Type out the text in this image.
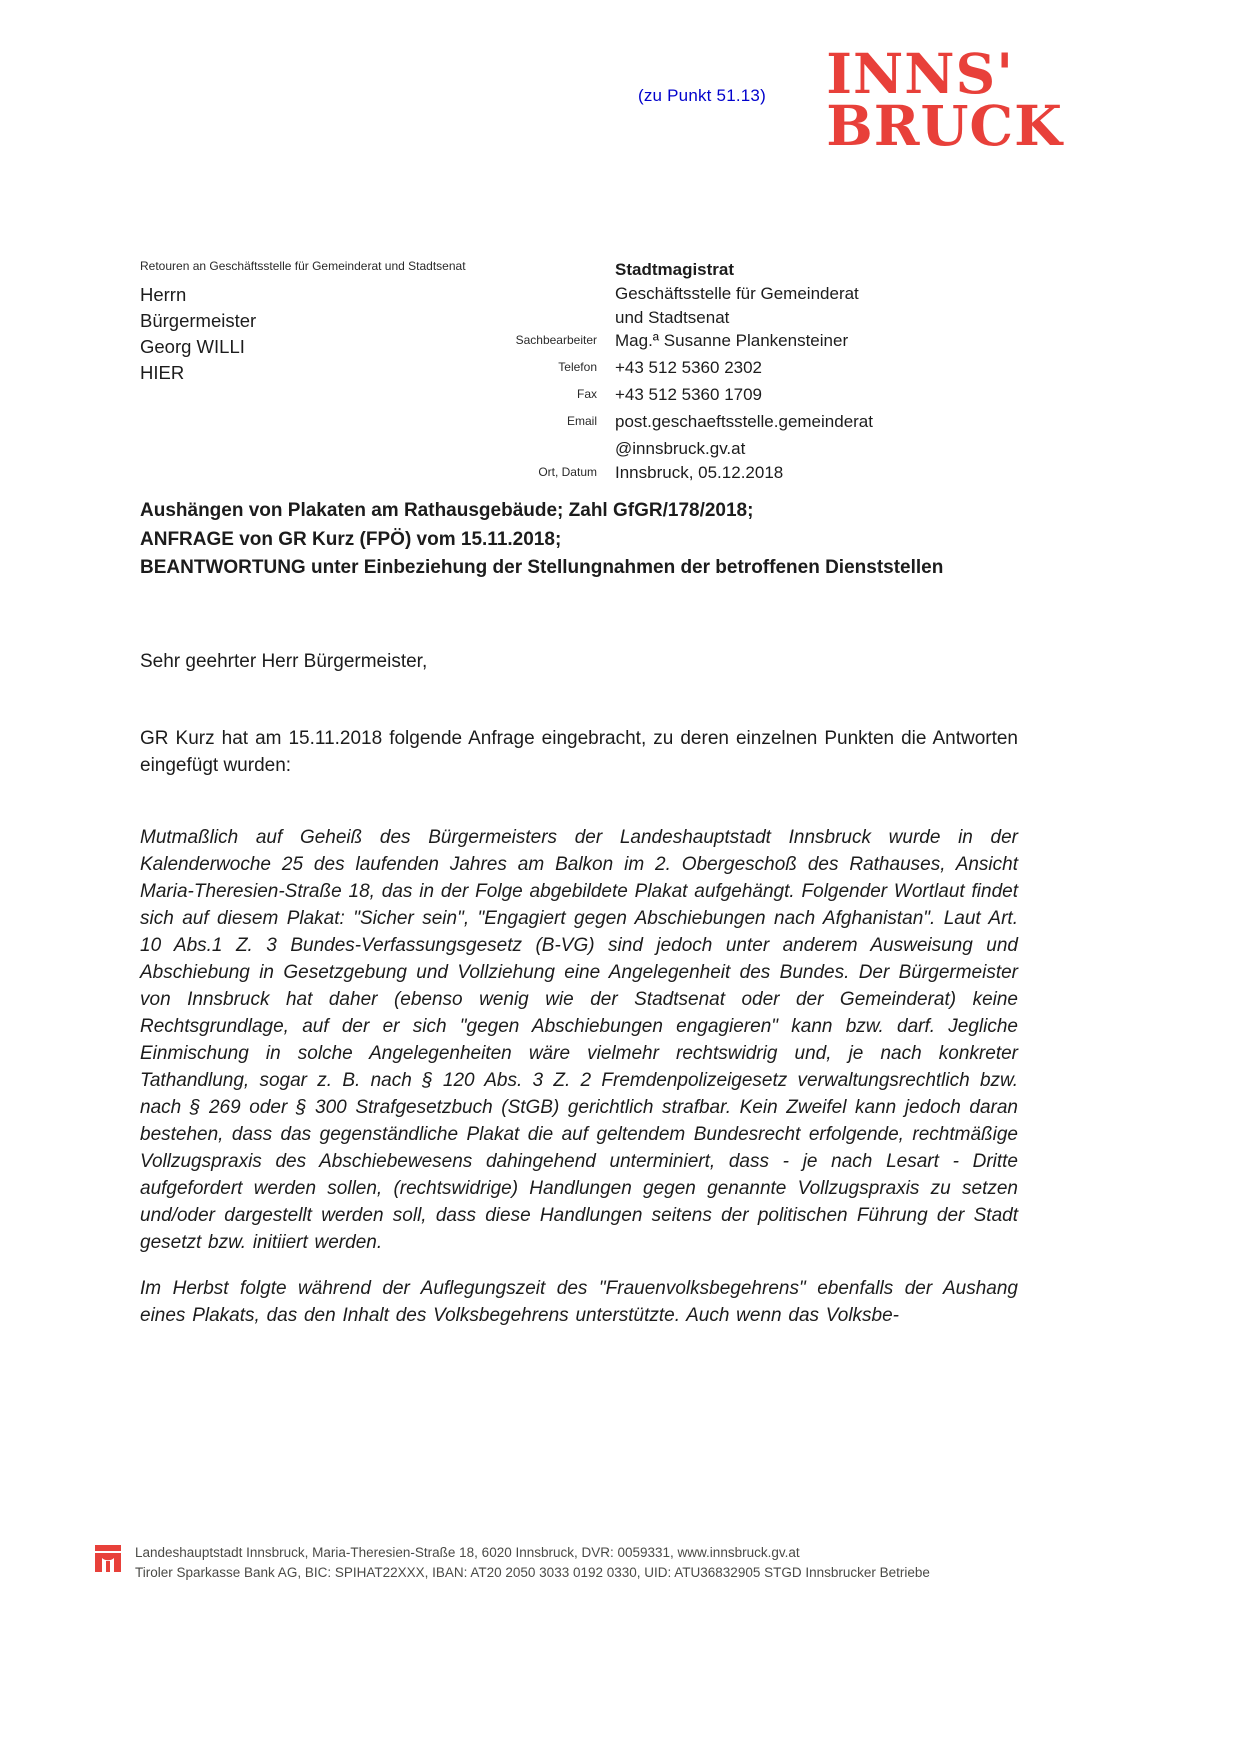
(zu Punkt 51.13) INNS'
BRUCK
Retouren an Geschäftsstelle für Gemeinderat und Stadtsenat
Herrn
Bürgermeister
Georg WILLI
HIER
Stadtmagistrat
Geschäftsstelle für Gemeinderat
und Stadtsenat
Sachbearbeiter Mag.ª Susanne Plankensteiner
Telefon +43 512 5360 2302
Fax +43 512 5360 1709
Email post.geschaeftsstelle.gemeinderat
@innsbruck.gv.at
Ort, Datum Innsbruck, 05.12.2018
Aushängen von Plakaten am Rathausgebäude; Zahl GfGR/178/2018;
ANFRAGE von GR Kurz (FPÖ) vom 15.11.2018;
BEANTWORTUNG unter Einbeziehung der Stellungnahmen der betroffenen Dienststellen

Sehr geehrter Herr Bürgermeister,

GR Kurz hat am 15.11.2018 folgende Anfrage eingebracht, zu deren einzelnen Punkten die Antworten eingefügt wurden:

Mutmaßlich auf Geheiß des Bürgermeisters der Landeshauptstadt Innsbruck wurde in der Kalenderwoche 25 des laufenden Jahres am Balkon im 2. Obergeschoß des Rathauses, Ansicht Maria-Theresien-Straße 18, das in der Folge abgebildete Plakat aufgehängt. Folgender Wortlaut findet sich auf diesem Plakat: "Sicher sein", "Engagiert gegen Abschiebungen nach Afghanistan". Laut Art. 10 Abs.1 Z. 3 Bundes-Verfassungsgesetz (B-VG) sind jedoch unter anderem Ausweisung und Abschiebung in Gesetzgebung und Vollziehung eine Angelegenheit des Bundes. Der Bürgermeister von Innsbruck hat daher (ebenso wenig wie der Stadtsenat oder der Gemeinderat) keine Rechtsgrundlage, auf der er sich "gegen Abschiebungen engagieren" kann bzw. darf. Jegliche Einmischung in solche Angelegenheiten wäre vielmehr rechtswidrig und, je nach konkreter Tathandlung, sogar z. B. nach § 120 Abs. 3 Z. 2 Fremdenpolizeigesetz verwaltungsrechtlich bzw. nach § 269 oder § 300 Strafgesetzbuch (StGB) gerichtlich strafbar. Kein Zweifel kann jedoch daran bestehen, dass das gegenständliche Plakat die auf geltendem Bundesrecht erfolgende, rechtmäßige Vollzugspraxis des Abschiebewesens dahingehend unterminiert, dass - je nach Lesart - Dritte aufgefordert werden sollen, (rechtswidrige) Handlungen gegen genannte Vollzugspraxis zu setzen und/oder dargestellt werden soll, dass diese Handlungen seitens der politischen Führung der Stadt gesetzt bzw. initiiert werden.

Im Herbst folgte während der Auflegungszeit des "Frauenvolksbegehrens" ebenfalls der Aushang eines Plakats, das den Inhalt des Volksbegehrens unterstützte. Auch wenn das Volksbe-

Landeshauptstadt Innsbruck, Maria-Theresien-Straße 18, 6020 Innsbruck, DVR: 0059331, www.innsbruck.gv.at
Tiroler Sparkasse Bank AG, BIC: SPIHAT22XXX, IBAN: AT20 2050 3033 0192 0330, UID: ATU36832905 STGD Innsbrucker Betriebe
